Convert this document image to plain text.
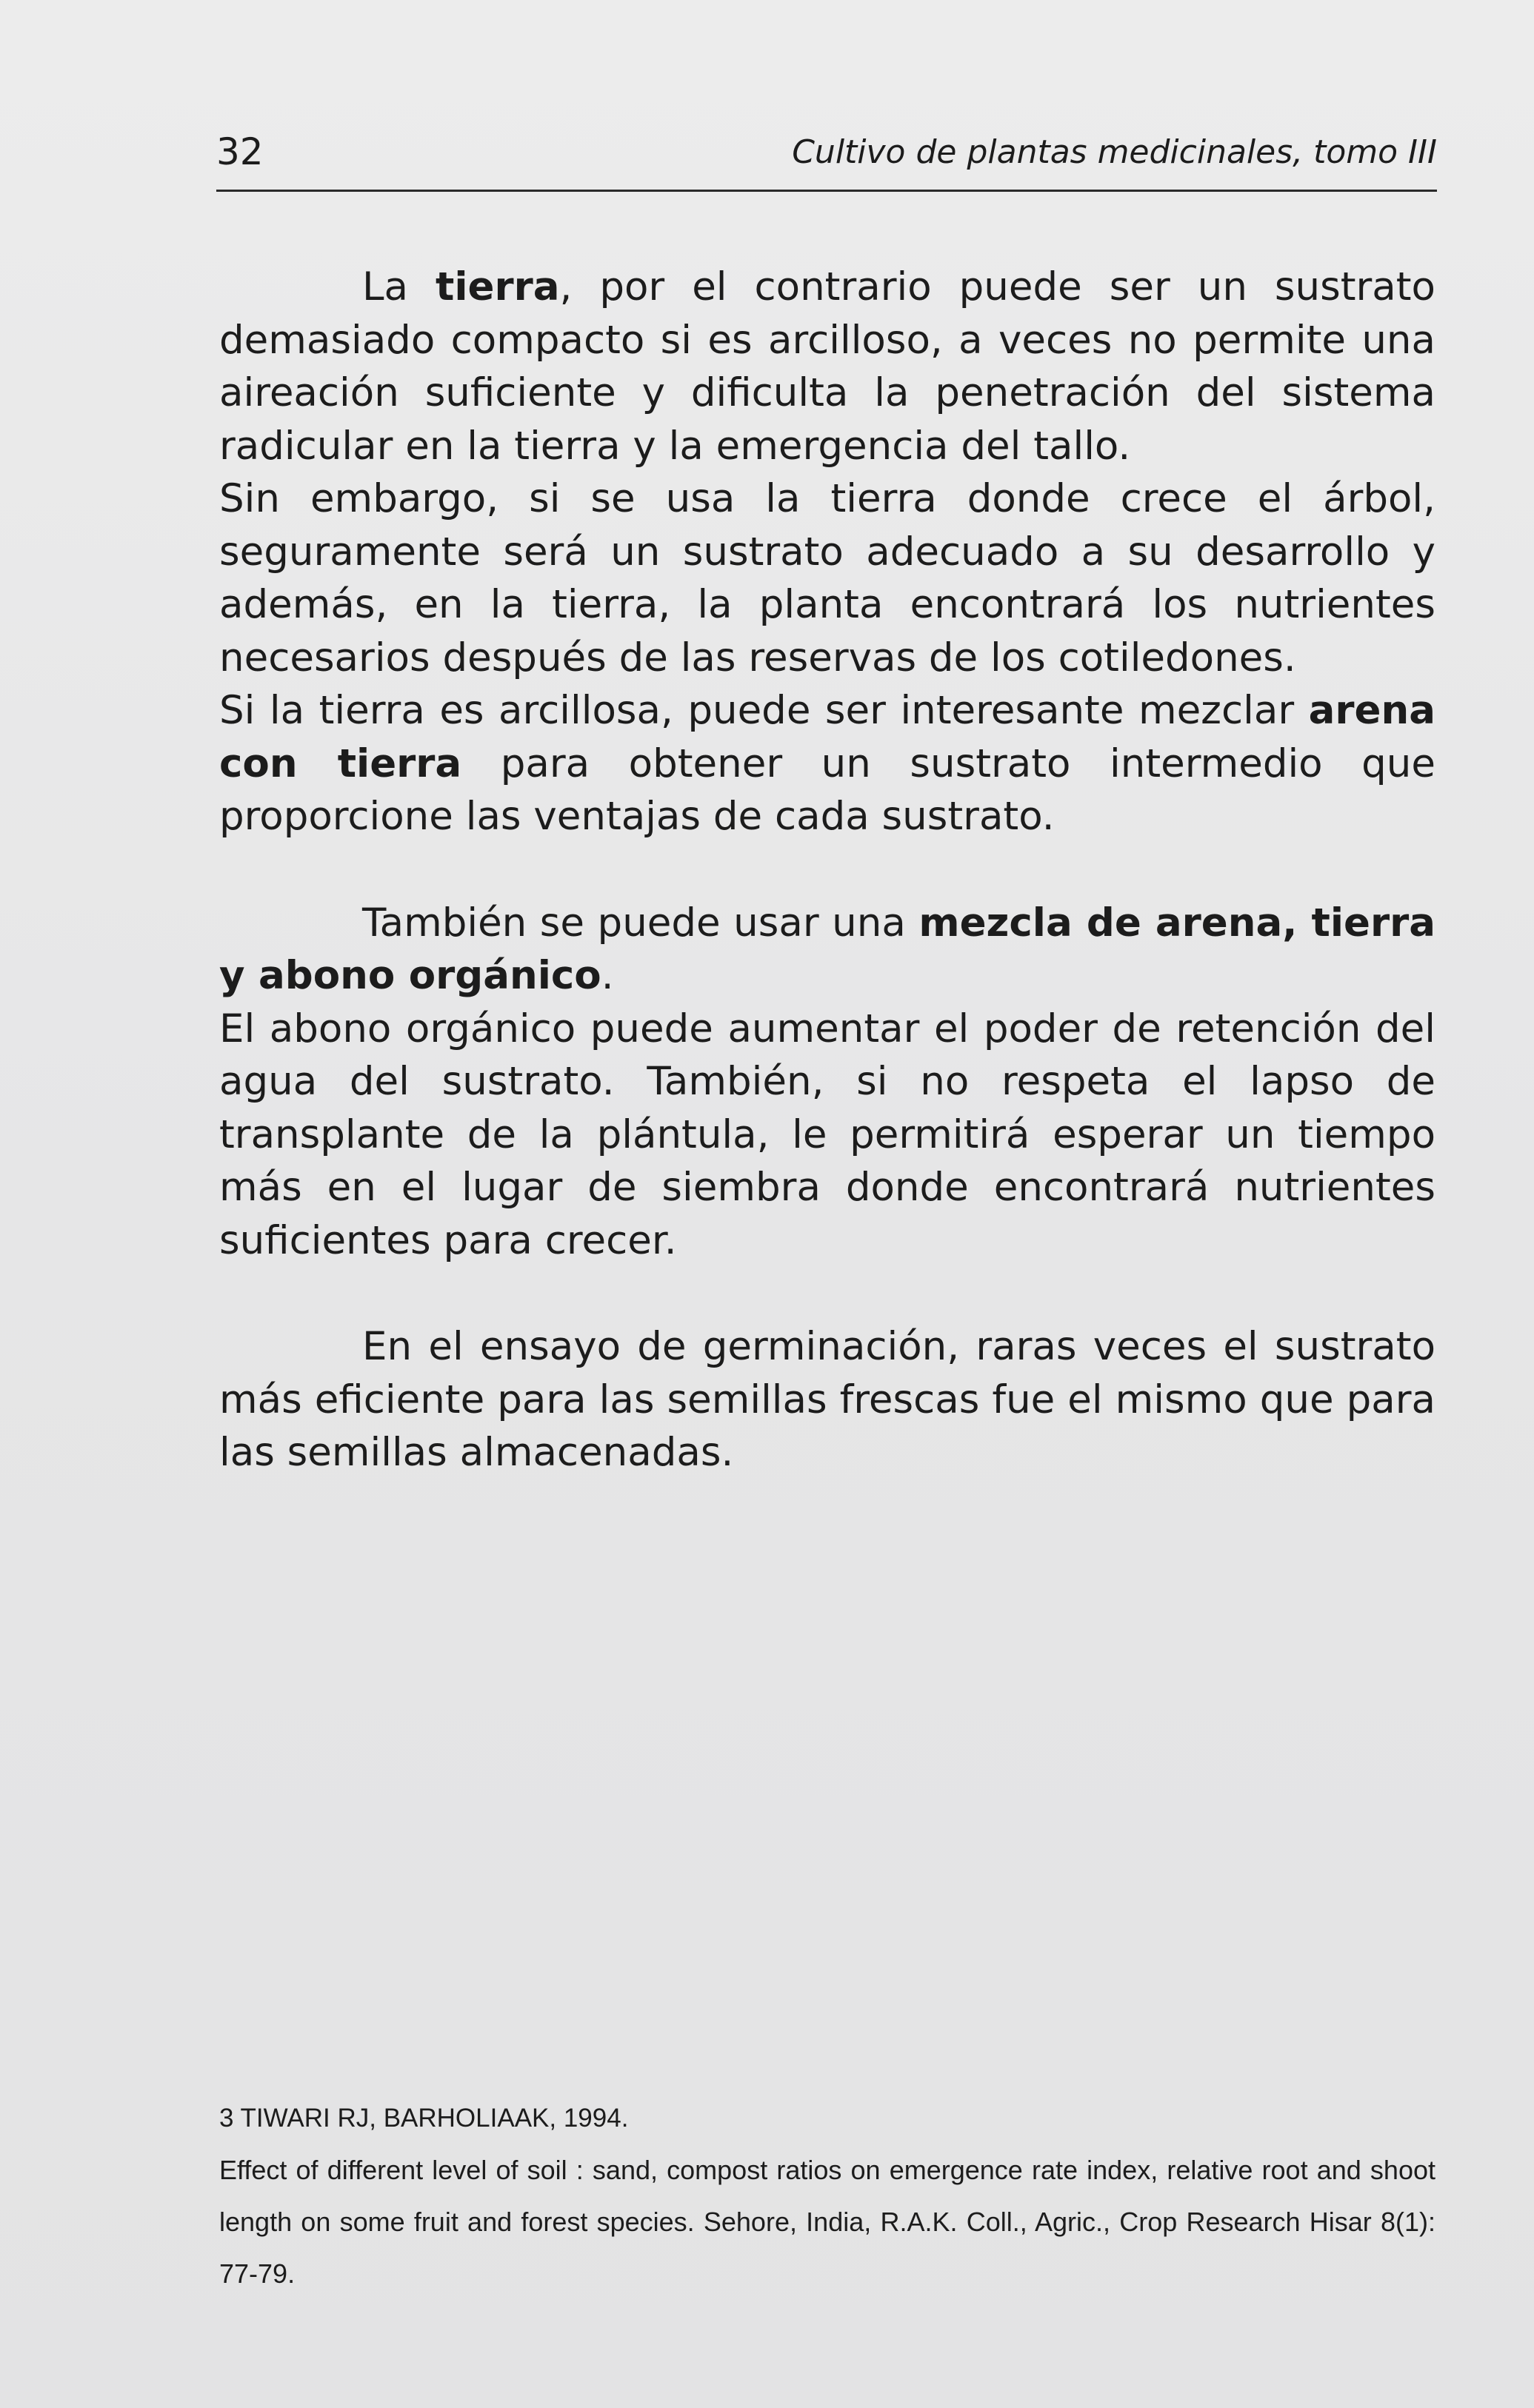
32	Cultivo de plantas medicinales, tomo III

La tierra, por el contrario puede ser un sustrato demasiado compacto si es arcilloso, a veces no permite una aireación suficiente y dificulta la penetración del sistema radicular en la tierra y la emergencia del tallo.

Sin embargo, si se usa la tierra donde crece el árbol, seguramente será un sustrato adecuado a su desarrollo y además, en la tierra, la planta encontrará los nutrientes necesarios después de las reservas de los cotiledones.

Si la tierra es arcillosa, puede ser interesante mezclar arena con tierra para obtener un sustrato intermedio que proporcione las ventajas de cada sustrato.

También se puede usar una mezcla de arena, tierra y abono orgánico.

El abono orgánico puede aumentar el poder de retención del agua del sustrato. También, si no respeta el lapso de transplante de la plántula, le permitirá esperar un tiempo más en el lugar de siembra donde encontrará nutrientes suficientes para crecer.

En el ensayo de germinación, raras veces el sustrato más eficiente para las semillas frescas fue el mismo que para las semillas almacenadas.

3 TIWARI RJ, BARHOLIAAK, 1994.

Effect of different level of soil : sand, compost ratios on emergence rate index, relative root and shoot length on some fruit and forest species. Sehore, India, R.A.K. Coll., Agric., Crop Research Hisar 8(1): 77-79.
